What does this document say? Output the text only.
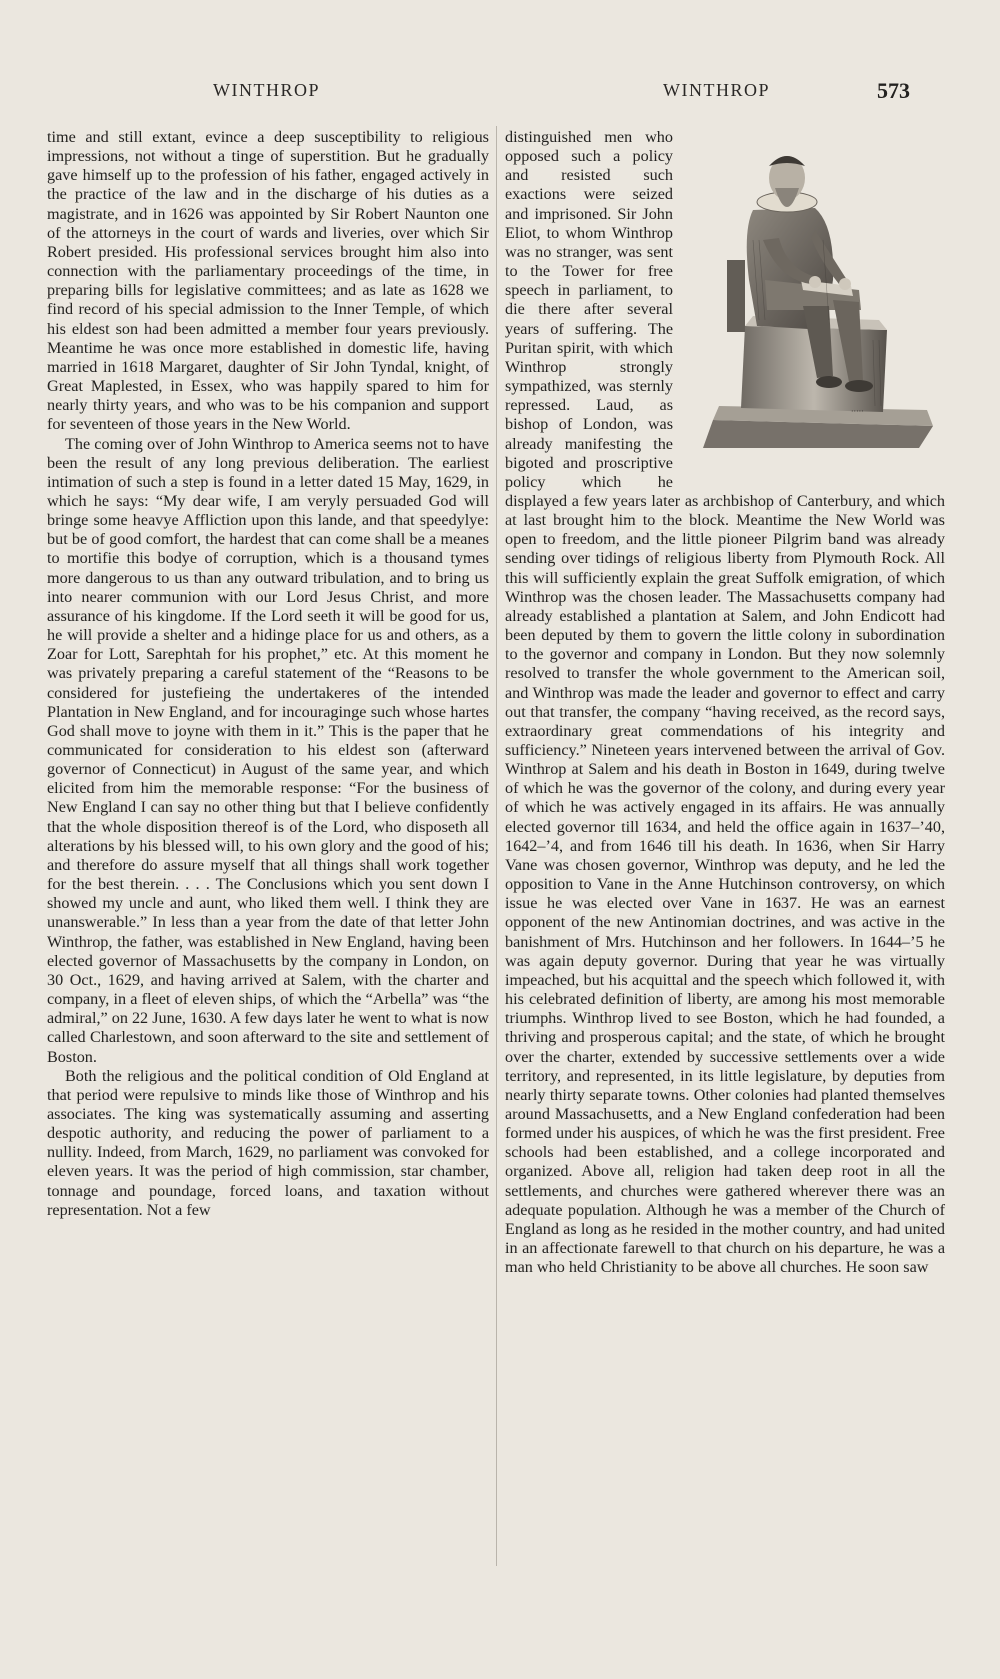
WINTHROP	WINTHROP	573

time and still extant, evince a deep susceptibility to religious impressions, not without a tinge of superstition. But he gradually gave himself up to the profession of his father, engaged actively in the practice of the law and in the discharge of his duties as a magistrate, and in 1626 was appointed by Sir Robert Naunton one of the attorneys in the court of wards and liveries, over which Sir Robert presided. His professional services brought him also into connection with the parliamentary proceedings of the time, in preparing bills for legislative committees; and as late as 1628 we find record of his special admission to the Inner Temple, of which his eldest son had been admitted a member four years previously. Meantime he was once more established in domestic life, having married in 1618 Margaret, daughter of Sir John Tyndal, knight, of Great Maplested, in Essex, who was happily spared to him for nearly thirty years, and who was to be his companion and support for seventeen of those years in the New World.

The coming over of John Winthrop to America seems not to have been the result of any long previous deliberation. The earliest intimation of such a step is found in a letter dated 15 May, 1629, in which he says: “My dear wife, I am veryly persuaded God will bringe some heavye Affliction upon this lande, and that speedylye: but be of good comfort, the hardest that can come shall be a meanes to mortifie this bodye of corruption, which is a thousand tymes more dangerous to us than any outward tribulation, and to bring us into nearer communion with our Lord Jesus Christ, and more assurance of his kingdome. If the Lord seeth it will be good for us, he will provide a shelter and a hidinge place for us and others, as a Zoar for Lott, Sarephtah for his prophet,” etc. At this moment he was privately preparing a careful statement of the “Reasons to be considered for justefieing the undertakeres of the intended Plantation in New England, and for incouraginge such whose hartes God shall move to joyne with them in it.” This is the paper that he communicated for consideration to his eldest son (afterward governor of Connecticut) in August of the same year, and which elicited from him the memorable response: “For the business of New England I can say no other thing but that I believe confidently that the whole disposition thereof is of the Lord, who disposeth all alterations by his blessed will, to his own glory and the good of his; and therefore do assure myself that all things shall work together for the best therein. . . . The Conclusions which you sent down I showed my uncle and aunt, who liked them well. I think they are unanswerable.” In less than a year from the date of that letter John Winthrop, the father, was established in New England, having been elected governor of Massachusetts by the company in London, on 30 Oct., 1629, and having arrived at Salem, with the charter and company, in a fleet of eleven ships, of which the “Arbella” was “the admiral,” on 22 June, 1630. A few days later he went to what is now called Charlestown, and soon afterward to the site and settlement of Boston.

Both the religious and the political condition of Old England at that period were repulsive to minds like those of Winthrop and his associates. The king was systematically assuming and asserting despotic authority, and reducing the power of parliament to a nullity. Indeed, from March, 1629, no parliament was convoked for eleven years. It was the period of high commission, star chamber, tonnage and poundage, forced loans, and taxation without representation. Not a few

·····

distinguished men who opposed such a policy and resisted such exactions were seized and imprisoned. Sir John Eliot, to whom Winthrop was no stranger, was sent to the Tower for free speech in parliament, to die there after several years of suffering. The Puritan spirit, with which Winthrop strongly sympathized, was sternly repressed. Laud, as bishop of London, was already manifesting the bigoted and proscriptive policy which he displayed a few years later as archbishop of Canterbury, and which at last brought him to the block. Meantime the New World was open to freedom, and the little pioneer Pilgrim band was already sending over tidings of religious liberty from Plymouth Rock. All this will sufficiently explain the great Suffolk emigration, of which Winthrop was the chosen leader. The Massachusetts company had already established a plantation at Salem, and John Endicott had been deputed by them to govern the little colony in subordination to the governor and company in London. But they now solemnly resolved to transfer the whole government to the American soil, and Winthrop was made the leader and governor to effect and carry out that transfer, the company “having received, as the record says, extraordinary great commendations of his integrity and sufficiency.” Nineteen years intervened between the arrival of Gov. Winthrop at Salem and his death in Boston in 1649, during twelve of which he was the governor of the colony, and during every year of which he was actively engaged in its affairs. He was annually elected governor till 1634, and held the office again in 1637–’40, 1642–’4, and from 1646 till his death. In 1636, when Sir Harry Vane was chosen governor, Winthrop was deputy, and he led the opposition to Vane in the Anne Hutchinson controversy, on which issue he was elected over Vane in 1637. He was an earnest opponent of the new Antinomian doctrines, and was active in the banishment of Mrs. Hutchinson and her followers. In 1644–’5 he was again deputy governor. During that year he was virtually impeached, but his acquittal and the speech which followed it, with his celebrated definition of liberty, are among his most memorable triumphs. Winthrop lived to see Boston, which he had founded, a thriving and prosperous capital; and the state, of which he brought over the charter, extended by successive settlements over a wide territory, and represented, in its little legislature, by deputies from nearly thirty separate towns. Other colonies had planted themselves around Massachusetts, and a New England confederation had been formed under his auspices, of which he was the first president. Free schools had been established, and a college incorporated and organized. Above all, religion had taken deep root in all the settlements, and churches were gathered wherever there was an adequate population. Although he was a member of the Church of England as long as he resided in the mother country, and had united in an affectionate farewell to that church on his departure, he was a man who held Christianity to be above all churches. He soon saw
